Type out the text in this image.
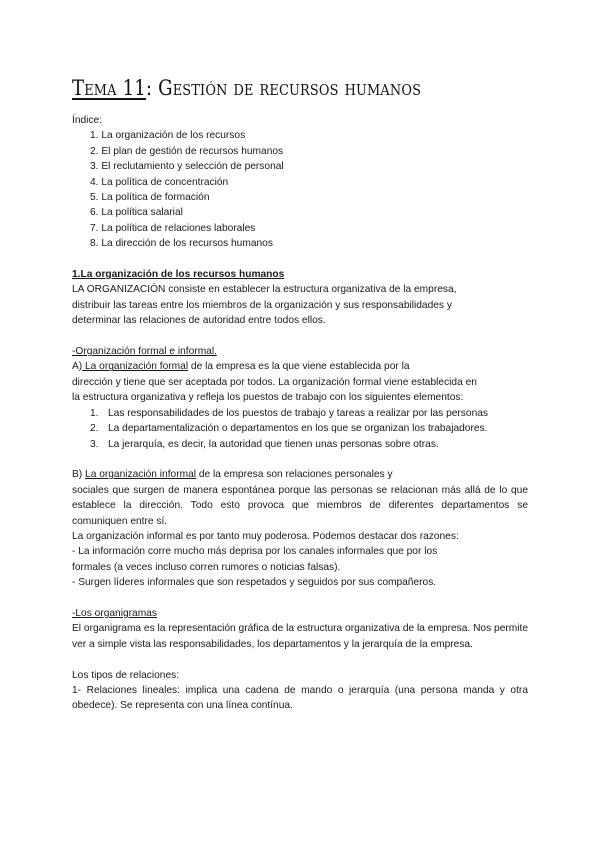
Tema 11: Gestión de recursos humanos

Índice:

1. La organización de los recursos
2. El plan de gestión de recursos humanos
3. El reclutamiento y selección de personal
4. La política de concentración
5. La política de formación
6. La política salarial
7. La política de relaciones laborales
8. La dirección de los recursos humanos

1.La organización de los recursos humanos

LA ORGANIZACIÓN consiste en establecer la estructura organizativa de la empresa,

distribuir las tareas entre los miembros de la organización y sus responsabilidades y

determinar las relaciones de autoridad entre todos ellos.

-Organización formal e informal.

A) La organización formal de la empresa es la que viene establecida por la

dirección y tiene que ser aceptada por todos. La organización formal viene establecida en

la estructura organizativa y refleja los puestos de trabajo con los siguientes elementos:

1. Las responsabilidades de los puestos de trabajo y tareas a realizar por las personas
2. La departamentalización o departamentos en los que se organizan los trabajadores.
3. La jerarquía, es decir, la autoridad que tienen unas personas sobre otras.

B) La organización informal de la empresa son relaciones personales y

sociales que surgen de manera espontánea porque las personas se relacionan más allá de lo que establece la dirección. Todo esto provoca que miembros de diferentes departamentos se comuniquen entre sí.

La organización informal es por tanto muy poderosa. Podemos destacar dos razones:

- La información corre mucho más deprisa por los canales informales que por los

formales (a veces incluso corren rumores o noticias falsas).

- Surgen líderes informales que son respetados y seguidos por sus compañeros.

-Los organigramas

El organigrama es la representación gráfica de la estructura organizativa de la empresa. Nos permite ver a simple vista las responsabilidades, los departamentos y la jerarquía de la empresa.

Los tipos de relaciones:

1- Relaciones lineales: implica una cadena de mando o jerarquía (una persona manda y otra obedece). Se representa con una línea contínua.
